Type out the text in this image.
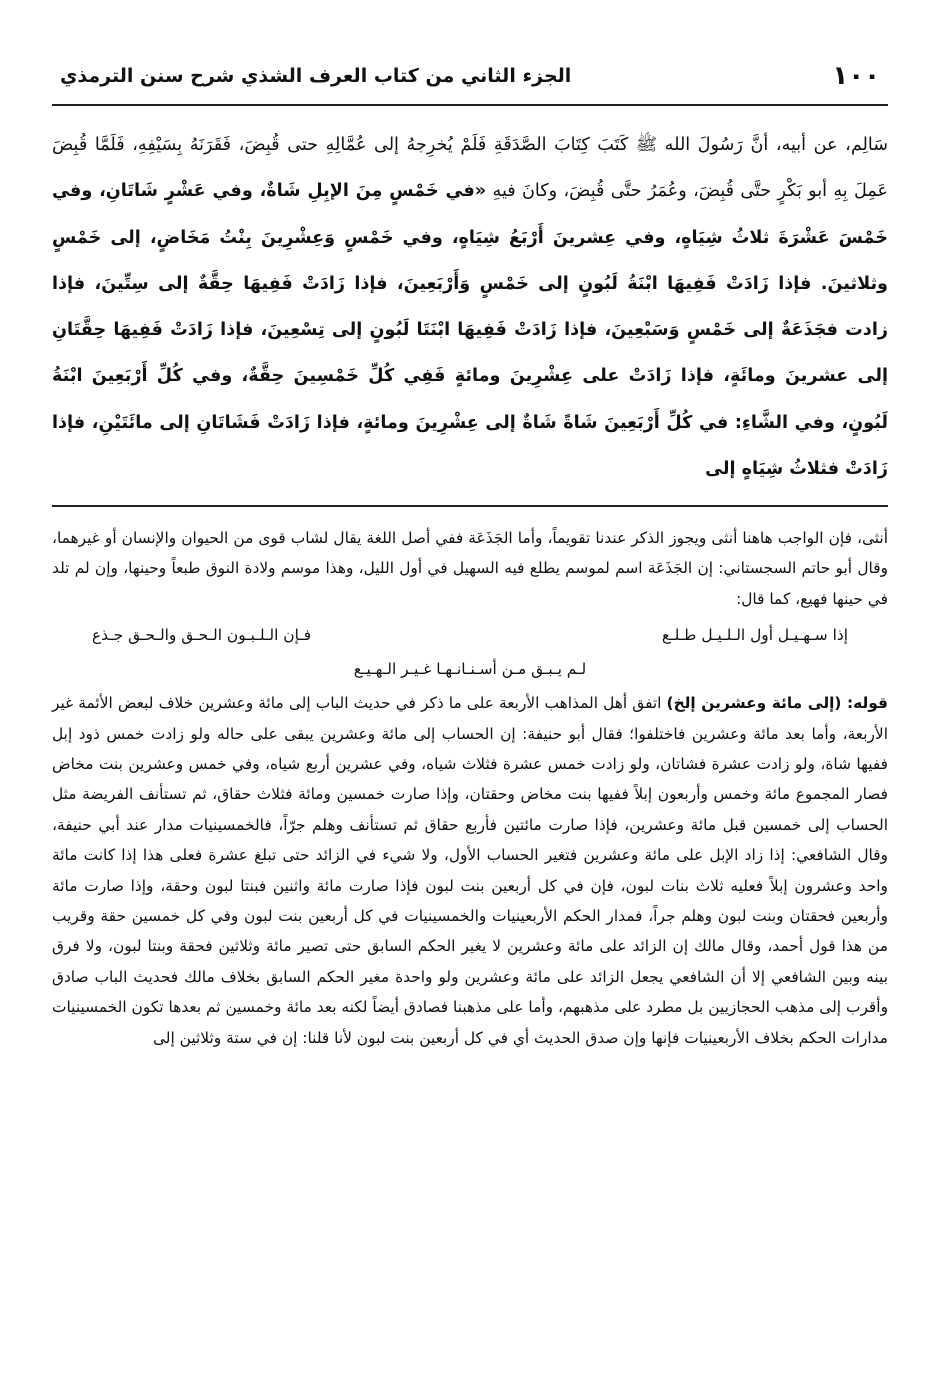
١٠٠
الجزء الثاني من كتاب العرف الشذي شرح سنن الترمذي

سَالِم، عن أبيه، أنَّ رَسُولَ الله ﷺ كَتَبَ كِتَابَ الصَّدَقَةِ فَلَمْ يُخرِجهُ إلى عُمَّالِهِ حتى قُبِضَ، فَقَرَنَهُ بِسَيْفِهِ، فَلَمَّا قُبِضَ عَمِلَ بِهِ أبو بَكْرٍ حتَّى قُبِضَ، وعُمَرُ حتَّى قُبِضَ، وكانَ فيهِ «في خَمْسٍ مِنَ الإبِلِ شَاةٌ، وفي عَشْرٍ شَاتَانِ، وفي خَمْسَ عَشْرَةَ ثلاثُ شِيَاهٍ، وفي عِشرينَ أَرْبَعُ شِيَاهٍ، وفي خَمْسٍ وَعِشْرِينَ بِنْتُ مَخَاضٍ، إلى خَمْسٍ وثلاثينَ. فإذا زَادَتْ فَفِيهَا ابْنَةُ لَبُونٍ إلى خَمْسٍ وَأَرْبَعِينَ، فإذا زَادَتْ فَفِيهَا حِقَّةٌ إلى سِتِّينَ، فإذا زادت فجَذَعَةٌ إلى خَمْسٍ وَسَبْعِينَ، فإذا زَادَتْ فَفِيهَا ابْنَتَا لَبُونٍ إلى تِسْعِينَ، فإذا زَادَتْ فَفِيهَا حِقَّتَانِ إلى عشرينَ ومائَةٍ، فإذا زَادَتْ على عِشْرِينَ ومائةٍ فَفِي كُلِّ خَمْسِينَ حِقَّةٌ، وفي كُلِّ أَرْبَعِينَ ابْنَةُ لَبُونٍ، وفي الشَّاءِ: في كُلِّ أَرْبَعِينَ شَاةً شَاةٌ إلى عِشْرِينَ ومائةٍ، فإذا زَادَتْ فَشَاتَانِ إلى مائَتَيْنِ، فإذا زَادَتْ فثلاثُ شِيَاهٍ إلى

أنثى، فإن الواجب هاهنا أنثى ويجوز الذكر عندنا تقويماً، وأما الجَذَعَة ففي أصل اللغة يقال لشاب قوى من الحيوان والإنسان أو غيرهما، وقال أبو حاتم السجستاني: إن الجَذَعَة اسم لموسم يطلع فيه السهيل في أول الليل، وهذا موسم ولادة النوق طبعاً وحينها، وإن لم تلد في حينها فهيع، كما قال:

إذا سـهـيـل أول الـلـيـل طـلـع
فـإن الـلـبـون الـحـق والـحـق جـذع
لـم يـبـق مـن أسـنـانـهـا غـيـر الـهـيـع

قوله: (إلى مائة وعشرين إلخ) اتفق أهل المذاهب الأربعة على ما ذكر في حديث الباب إلى مائة وعشرين خلاف لبعض الأئمة غير الأربعة، وأما بعد مائة وعشرين فاختلفوا؛ فقال أبو حنيفة: إن الحساب إلى مائة وعشرين يبقى على حاله ولو زادت خمس ذود إبل ففيها شاة، ولو زادت عشرة فشاتان، ولو زادت خمس عشرة فثلاث شياه، وفي عشرين أربع شياه، وفي خمس وعشرين بنت مخاض فصار المجموع مائة وخمس وأربعون إبلاً ففيها بنت مخاض وحقتان، وإذا صارت خمسين ومائة فثلاث حقاق، ثم تستأنف الفريضة مثل الحساب إلى خمسين قبل مائة وعشرين، فإذا صارت مائتين فأربع حقاق ثم تستأنف وهلم جرّاً، فالخمسينيات مدار عند أبي حنيفة، وقال الشافعي: إذا زاد الإبل على مائة وعشرين فتغير الحساب الأول، ولا شيء في الزائد حتى تبلغ عشرة فعلى هذا إذا كانت مائة واحد وعشرون إبلاً فعليه ثلاث بنات لبون، فإن في كل أربعين بنت لبون فإذا صارت مائة واثنين فبنتا لبون وحقة، وإذا صارت مائة وأربعين فحقتان وبنت لبون وهلم جراً، فمدار الحكم الأربعينيات والخمسينيات في كل أربعين بنت لبون وفي كل خمسين حقة وقريب من هذا قول أحمد، وقال مالك إن الزائد على مائة وعشرين لا يغير الحكم السابق حتى تصير مائة وثلاثين فحقة وبنتا لبون، ولا فرق بينه وبين الشافعي إلا أن الشافعي يجعل الزائد على مائة وعشرين ولو واحدة مغير الحكم السابق بخلاف مالك فحديث الباب صادق وأقرب إلى مذهب الحجازيين بل مطرد على مذهبهم، وأما على مذهبنا فصادق أيضاً لكنه بعد مائة وخمسين ثم بعدها تكون الخمسينيات مدارات الحكم بخلاف الأربعينيات فإنها وإن صدق الحديث أي في كل أربعين بنت لبون لأنا قلنا: إن في ستة وثلاثين إلى
